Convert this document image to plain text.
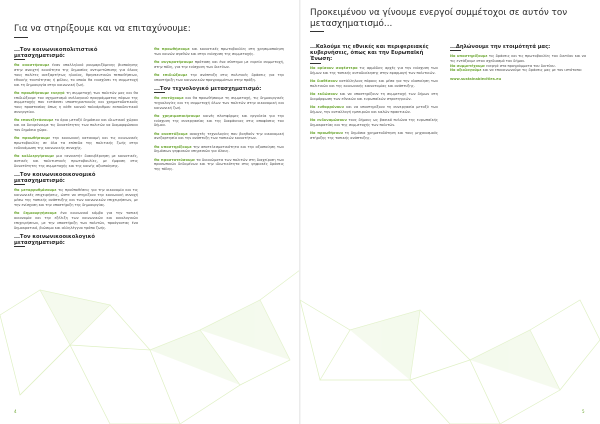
Για να στηρίξουμε και να επιταχύνουμε:
...Τον κοινωνικοπολιτιστικό μετασχηματισμό:

Θα αναστήσουμε έναν υπαλληλικό ρουμαριζόμενης βιοποίησης στην ανοιχτή κοινότητα της δημοσίας αντιμετώπισης για όλους τους πολίτες ανεξαρτήτως ηλικίας, θρησκευτικών πεποιθήσεων, εθνικής ταυτότητας ή φύλου, το οποίο θα ενισχύσει τη συμμετοχή και τη δημιουργία στην κοινωνική ζωή.

Θα προωθήσουμε ενεργά τη συμμετοχή των πολιτών μας και θα επιδιώξουμε τον σχηματισμό συλλογικού προγράμματος πόρων της συμμετοχής που εντάσσει υποστηρικτικούς και χρηματοδοτικούς τους προστασίας όπως η κάθε κοινού πολυάριθμου εκπαιδευτικού συνεργείου.

Θα επανεξετάσουμε το όριο μεταξύ δημόσιου και ιδιωτικού χώρου και να διευρύνουμε τις δυνατότητες των πολιτών να διαμορφώσουν τον δημόσιο χώρο.

Θα προωθήσουμε την κοινωνική κατανομή και τις κοινωνικές πρωτοβουλίες σε όλα τα επίπεδα της πολιτικής ζωής στην ενδυνάμωση της κοινωνικής συνοχής.

Θα καλλιεργήσουμε μια «ανοικτή» διακυβέρνηση με κοινοτικές, αστικές και πολιτιστικές πρωτοβουλίες, με έμφαση στις δυνατότητες της συμμετοχής και της κοινής αξιοποίησης.

...Τον κοινωνικοοικονομικό μετασχηματισμό:

Θα μεταρρυθμίσουμε τις προϋποθέσεις για την οικονομία και τις κοινωνικές επιχειρήσεις, ώστε να στηρίζουν την κοινωνική συνοχή μέσω της τοπικής ανάπτυξης και των κοινωνικών επιχειρήσεων, με την ενίσχυση και την υποστήριξη της δημιουργίας.

Θα δημιουργήσουμε ένα κοινωνικό κόμβο για την τοπική οικονομία και την εξέλιξη των κοινωνικών και οικολογικών επιχειρήσεων, με την υποστήριξη των πολιτών, προάγοντας ένα δημοκρατικό, βιώσιμο και αλληλέγγυο τρόπο ζωής.

...Τον κοινωνικοοικολογικό μετασχηματισμό:

Θα προωθήσουμε και κοινοτικές πρωτοβουλίες στη χρησιμοποίηση των κοινών αγαθών και στην ενίσχυση της συμμετοχής.

Θα συγκροτήσουμε πρόταση και ένα σύστημα με ευρεία συμμετοχή, στην πόλη, για την ενίσχυση των δικτύων.

Θα επιδιώξουμε την ανάπτυξη στις πολιτικές δράσεις για την υποστήριξη των κοινωνικών προγραμμάτων στην πράξη.

...Τον τεχνολογικό μετασχηματισμό:

Θα επιτύχουμε και θα προωθήσουμε τη συμμετοχή, τις δημιουργικές τεχνολογίες και τη συμμετοχή όλων των πολιτών στην οικονομική και κοινωνική ζωή.

Θα χρησιμοποιήσουμε κοινές πλατφόρμες και εργαλεία για την ενίσχυση της συνεργασίας και της διαφάνειας στις αποφάσεις του δήμου.

Θα αναπτύξουμε ανοιχτές τεχνολογίες που βοηθούν την οικονομική ανεξαρτησία και την ανάπτυξη των τοπικών κοινοτήτων.

Θα υποστηρίξουμε την αποτελεσματικότητα και την αξιοποίηση των δημόσιων ψηφιακών υπηρεσιών για όλους.

Θα προστατεύσουμε τα δικαιώματα των πολιτών στη διαχείριση των προσωπικών δεδομένων και την ιδιωτικότητα στις ψηφιακές δράσεις της πόλης.

4
Προκειμένου να γίνουμε ενεργοί συμμέτοχοι σε αυτόν τον μετασχηματισμό...
...Καλούμε τις εθνικές και περιφερειακές κυβερνήσεις, όπως και την Ευρωπαϊκή Ένωση:

Να ορίσουν σαφέστερα τις αρμόδιες αρχές για την ενίσχυση των δήμων και της τοπικής αυτοδιοίκησης στην εφαρμογή των πολιτικών.

Να διαθέσουν κατάλληλους πόρους και μέσα για την υλοποίηση των πολιτικών και της κοινωνικής καινοτομίας και ανάπτυξης.

Να εκδώσουν και να υποστηρίξουν τη συμμετοχή των δήμων στη διαμόρφωση των εθνικών και ευρωπαϊκών στρατηγικών.

Να ενθαρρύνουν και να υποστηρίξουν τη συνεργασία μεταξύ των δήμων, την ανταλλαγή εμπειριών και καλών πρακτικών.

Να ενδυναμώσουν τους δήμους ως βασικό πυλώνα της ευρωπαϊκής δημοκρατίας και της συμμετοχής των πολιτών.

Να προωθήσουν τη δημόσια χρηματοδότηση και τους μηχανισμούς στήριξης της τοπικής ανάπτυξης.

...Δηλώνουμε την ετοιμότητά μας:

Να υποστηρίξουμε τις δράσεις και τις πρωτοβουλίες του δικτύου και να τις εντάξουμε στον σχεδιασμό του δήμου.

Να συμμετέχουμε ενεργά στα προγράμματα του δικτύου.

Να αξιολογούμε και να επικοινωνούμε τις δράσεις μας με τον ιστότοπο:

www.sustainablecities.eu

5
